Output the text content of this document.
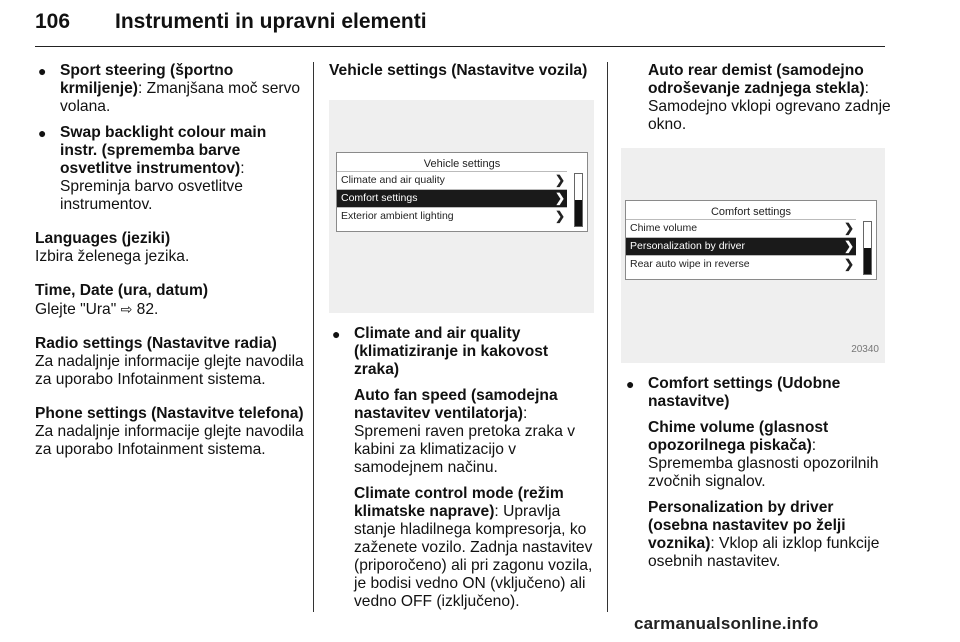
106 Instrumenti in upravni elementi
● Sport steering (športno krmiljenje): Zmanjšana moč servo volana.
● Swap backlight colour main instr. (sprememba barve osvetlitve instrumentov): Spreminja barvo osvetlitve instrumentov.
Languages (jeziki)
Izbira želenega jezika.
Time, Date (ura, datum)
Glejte "Ura" ⇨ 82.
Radio settings (Nastavitve radia)
Za nadaljnje informacije glejte navodila za uporabo Infotainment sistema.
Phone settings (Nastavitve telefona)
Za nadaljnje informacije glejte navodila za uporabo Infotainment sistema.
Vehicle settings (Nastavitve vozila)
Vehicle settings
Climate and air quality	❯
Comfort settings	❯
Exterior ambient lighting	❯
● Climate and air quality (klimatiziranje in kakovost zraka)
Auto fan speed (samodejna nastavitev ventilatorja): Spremeni raven pretoka zraka v kabini za klimatizacijo v samodejnem načinu.
Climate control mode (režim klimatske naprave): Upravlja stanje hladilnega kompresorja, ko zaženete vozilo. Zadnja nastavitev (priporočeno) ali pri zagonu vozila, je bodisi vedno ON (vključeno) ali vedno OFF (izključeno).
Auto rear demist (samodejno odroševanje zadnjega stekla): Samodejno vklopi ogrevano zadnje okno.
Comfort settings
Chime volume	❯
Personalization by driver	❯
Rear auto wipe in reverse	❯
20340
● Comfort settings (Udobne nastavitve)
Chime volume (glasnost opozorilnega piskača): Sprememba glasnosti opozorilnih zvočnih signalov.
Personalization by driver (osebna nastavitev po želji voznika): Vklop ali izklop funkcije osebnih nastavitev.
carmanualsonline.info
